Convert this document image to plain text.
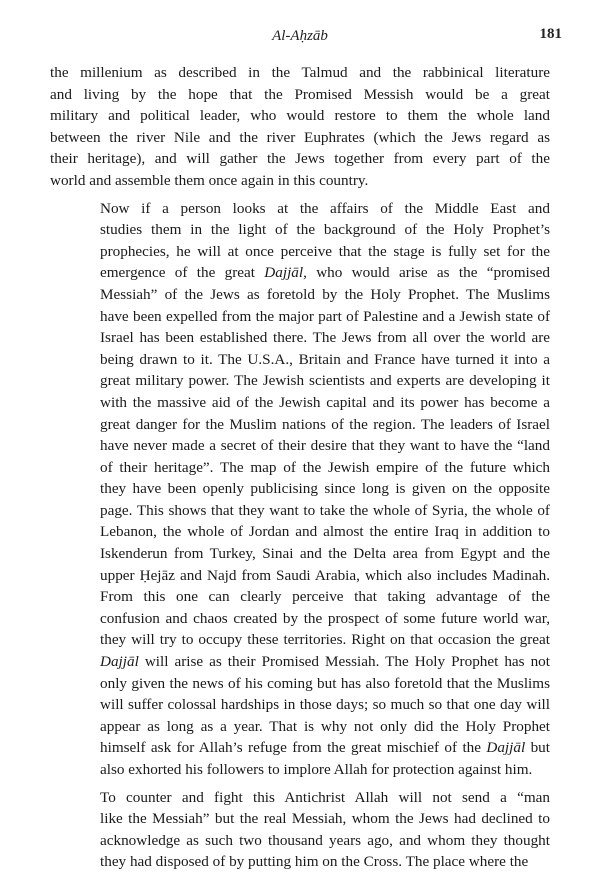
Al-Aḥzāb	181
the millenium as described in the Talmud and the rabbinical literature
and living by the hope that the Promised Messish would be a great
military and political leader, who would restore to them the whole land
between the river Nile and the river Euphrates (which the Jews regard as
their heritage), and will gather the Jews together from every part of the
world and assemble them once again in this country.
Now if a person looks at the affairs of the Middle East and
studies them in the light of the background of the Holy Prophet’s
prophecies, he will at once perceive that the stage is fully set for the
emergence of the great Dajjāl, who would arise as the “promised
Messiah” of the Jews as foretold by the Holy Prophet. The Muslims
have been expelled from the major part of Palestine and a Jewish state of
Israel has been established there. The Jews from all over the world are
being drawn to it. The U.S.A., Britain and France have turned it into a
great military power. The Jewish scientists and experts are developing it
with the massive aid of the Jewish capital and its power has become a
great danger for the Muslim nations of the region. The leaders of Israel
have never made a secret of their desire that they want to have the “land
of their heritage”. The map of the Jewish empire of the future which
they have been openly publicising since long is given on the opposite
page. This shows that they want to take the whole of Syria, the whole of
Lebanon, the whole of Jordan and almost the entire Iraq in addition to
Iskenderun from Turkey, Sinai and the Delta area from Egypt and the
upper Ḥejāz and Najd from Saudi Arabia, which also includes Madinah.
From this one can clearly perceive that taking advantage of the
confusion and chaos created by the prospect of some future world war,
they will try to occupy these territories. Right on that occasion the great
Dajjāl will arise as their Promised Messiah. The Holy Prophet has not
only given the news of his coming but has also foretold that the Muslims
will suffer colossal hardships in those days; so much so that one day will
appear as long as a year. That is why not only did the Holy Prophet
himself ask for Allah’s refuge from the great mischief of the Dajjāl but
also exhorted his followers to implore Allah for protection against him.
To counter and fight this Antichrist Allah will not send a “man
like the Messiah” but the real Messiah, whom the Jews had declined to
acknowledge as such two thousand years ago, and whom they thought
they had disposed of by putting him on the Cross. The place where the
